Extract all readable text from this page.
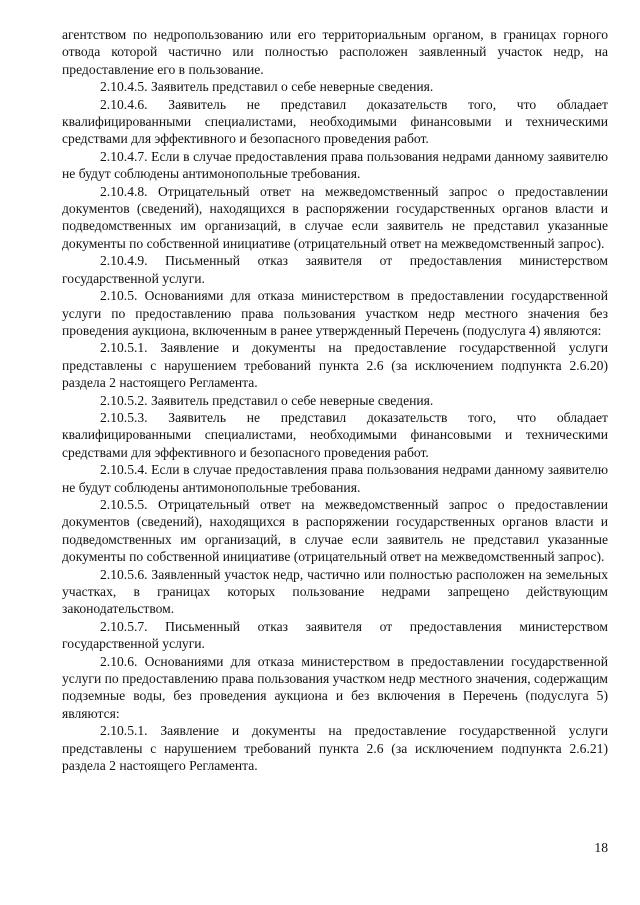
агентством по недропользованию или его территориальным органом, в границах горного отвода которой частично или полностью расположен заявленный участок недр, на предоставление его в пользование.

2.10.4.5. Заявитель представил о себе неверные сведения.

2.10.4.6. Заявитель не представил доказательств того, что обладает квалифицированными специалистами, необходимыми финансовыми и техническими средствами для эффективного и безопасного проведения работ.

2.10.4.7. Если в случае предоставления права пользования недрами данному заявителю не будут соблюдены антимонопольные требования.

2.10.4.8. Отрицательный ответ на межведомственный запрос о предоставлении документов (сведений), находящихся в распоряжении государственных органов власти и подведомственных им организаций, в случае если заявитель не представил указанные документы по собственной инициативе (отрицательный ответ на межведомственный запрос).

2.10.4.9. Письменный отказ заявителя от предоставления министерством государственной услуги.

2.10.5. Основаниями для отказа министерством в предоставлении государственной услуги по предоставлению права пользования участком недр местного значения без проведения аукциона, включенным в ранее утвержденный Перечень (подуслуга 4) являются:

2.10.5.1. Заявление и документы на предоставление государственной услуги представлены с нарушением требований пункта 2.6 (за исключением подпункта 2.6.20) раздела 2 настоящего Регламента.

2.10.5.2. Заявитель представил о себе неверные сведения.

2.10.5.3. Заявитель не представил доказательств того, что обладает квалифицированными специалистами, необходимыми финансовыми и техническими средствами для эффективного и безопасного проведения работ.

2.10.5.4. Если в случае предоставления права пользования недрами данному заявителю не будут соблюдены антимонопольные требования.

2.10.5.5. Отрицательный ответ на межведомственный запрос о предоставлении документов (сведений), находящихся в распоряжении государственных органов власти и подведомственных им организаций, в случае если заявитель не представил указанные документы по собственной инициативе (отрицательный ответ на межведомственный запрос).

2.10.5.6. Заявленный участок недр, частично или полностью расположен на земельных участках, в границах которых пользование недрами запрещено действующим законодательством.

2.10.5.7. Письменный отказ заявителя от предоставления министерством государственной услуги.

2.10.6. Основаниями для отказа министерством в предоставлении государственной услуги по предоставлению права пользования участком недр местного значения, содержащим подземные воды, без проведения аукциона и без включения в Перечень (подуслуга 5) являются:

2.10.5.1. Заявление и документы на предоставление государственной услуги представлены с нарушением требований пункта 2.6 (за исключением подпункта 2.6.21) раздела 2 настоящего Регламента.

18
